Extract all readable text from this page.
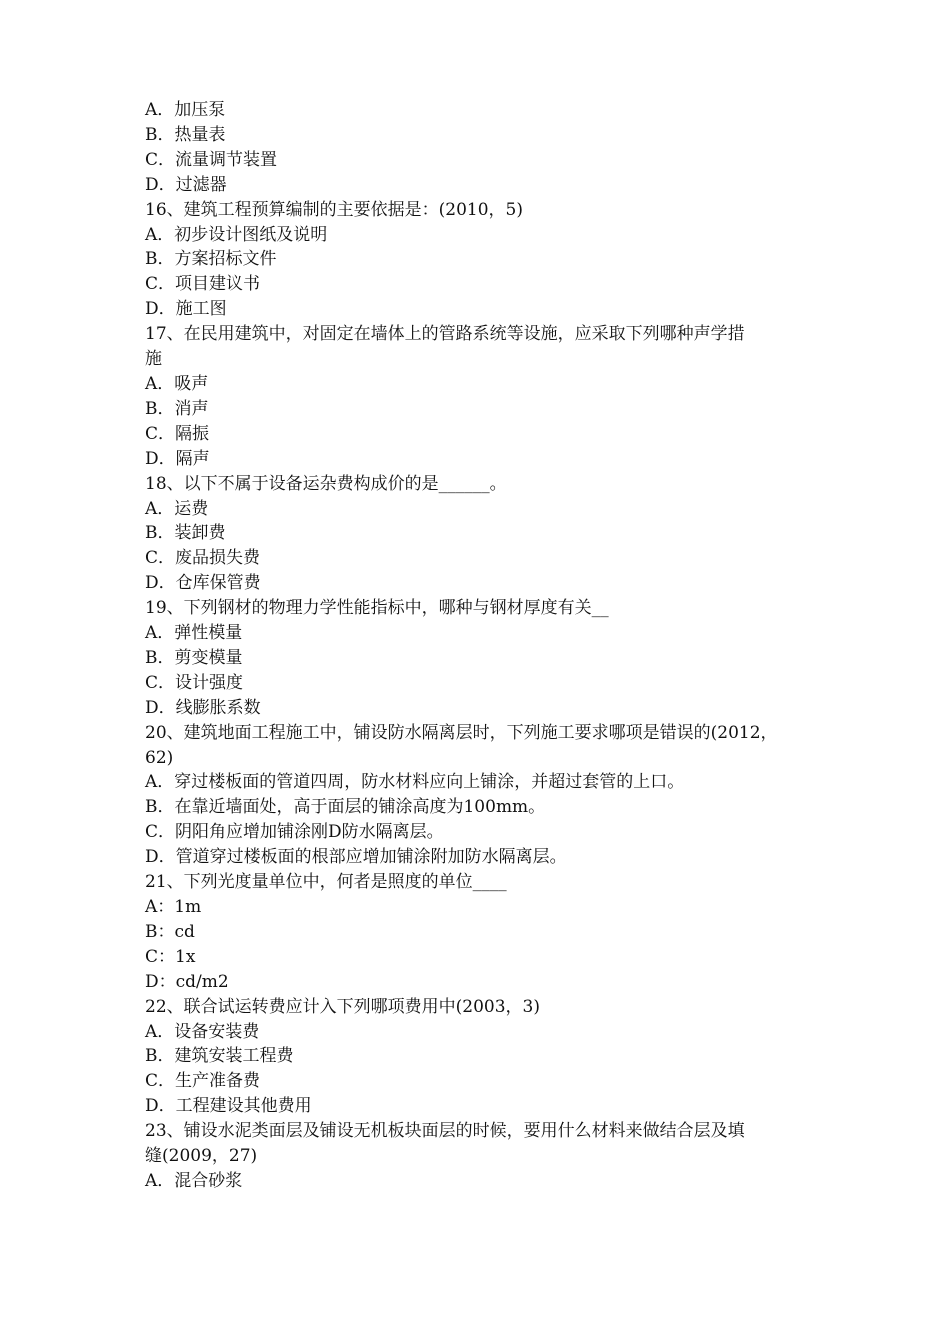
A．加压泵

B．热量表

C．流量调节装置

D．过滤器

16、建筑工程预算编制的主要依据是：(2010，5)

A．初步设计图纸及说明

B．方案招标文件

C．项目建议书

D．施工图

17、在民用建筑中，对固定在墙体上的管路系统等设施，应采取下列哪种声学措

施

A．吸声

B．消声

C．隔振

D．隔声

18、以下不属于设备运杂费构成价的是______。

A．运费

B．装卸费

C．废品损失费

D．仓库保管费

19、下列钢材的物理力学性能指标中，哪种与钢材厚度有关__

A．弹性模量

B．剪变模量

C．设计强度

D．线膨胀系数

20、建筑地面工程施工中，铺设防水隔离层时，下列施工要求哪项是错误的(2012，

62)

A．穿过楼板面的管道四周，防水材料应向上铺涂，并超过套管的上口。

B．在靠近墙面处，高于面层的铺涂高度为100mm。

C．阴阳角应增加铺涂刚D防水隔离层。

D．管道穿过楼板面的根部应增加铺涂附加防水隔离层。

21、下列光度量单位中，何者是照度的单位____

A：1m

B：cd

C：1x

D：cd/m2

22、联合试运转费应计入下列哪项费用中(2003，3)

A．设备安装费

B．建筑安装工程费

C．生产准备费

D．工程建设其他费用

23、铺设水泥类面层及铺设无机板块面层的时候，要用什么材料来做结合层及填

缝(2009，27)

A．混合砂浆
